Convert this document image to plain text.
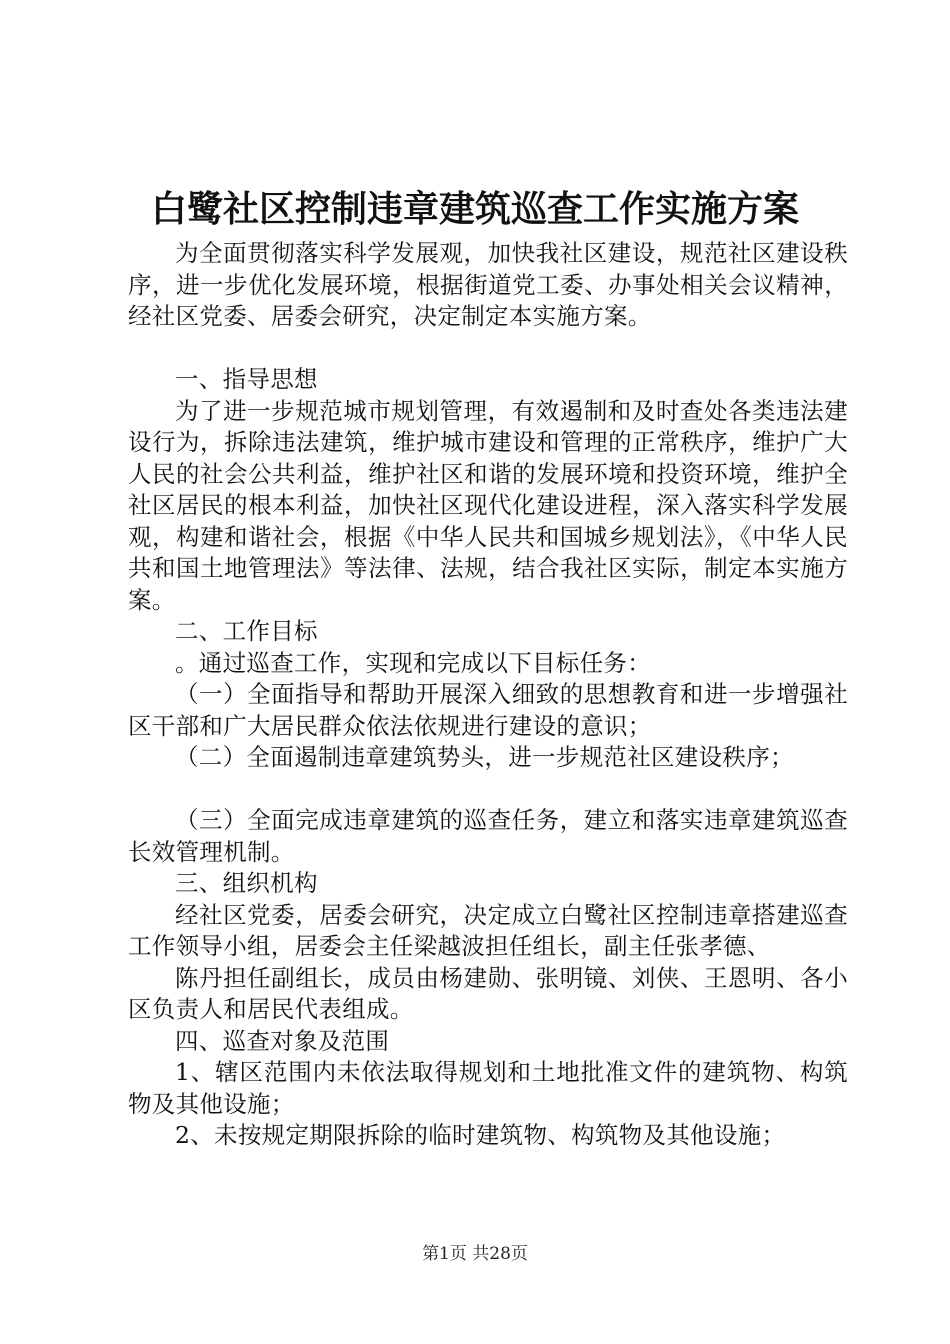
白鹭社区控制违章建筑巡查工作实施方案

为全面贯彻落实科学发展观，加快我社区建设，规范社区建设秩序，进一步优化发展环境，根据街道党工委、办事处相关会议精神，经社区党委、居委会研究，决定制定本实施方案。

一、指导思想

为了进一步规范城市规划管理，有效遏制和及时查处各类违法建设行为，拆除违法建筑，维护城市建设和管理的正常秩序，维护广大人民的社会公共利益，维护社区和谐的发展环境和投资环境，维护全社区居民的根本利益，加快社区现代化建设进程，深入落实科学发展观，构建和谐社会，根据《中华人民共和国城乡规划法》，《中华人民共和国土地管理法》等法律、法规，结合我社区实际，制定本实施方案。

二、工作目标

。通过巡查工作，实现和完成以下目标任务：

（一）全面指导和帮助开展深入细致的思想教育和进一步增强社区干部和广大居民群众依法依规进行建设的意识；

（二）全面遏制违章建筑势头，进一步规范社区建设秩序；

（三）全面完成违章建筑的巡查任务，建立和落实违章建筑巡查长效管理机制。

三、组织机构

经社区党委，居委会研究，决定成立白鹭社区控制违章搭建巡查工作领导小组，居委会主任梁越波担任组长，副主任张孝德、

陈丹担任副组长，成员由杨建勋、张明镜、刘侠、王恩明、各小区负责人和居民代表组成。

四、巡查对象及范围

1、辖区范围内未依法取得规划和土地批准文件的建筑物、构筑物及其他设施；

2、未按规定期限拆除的临时建筑物、构筑物及其他设施；

第1页 共28页
